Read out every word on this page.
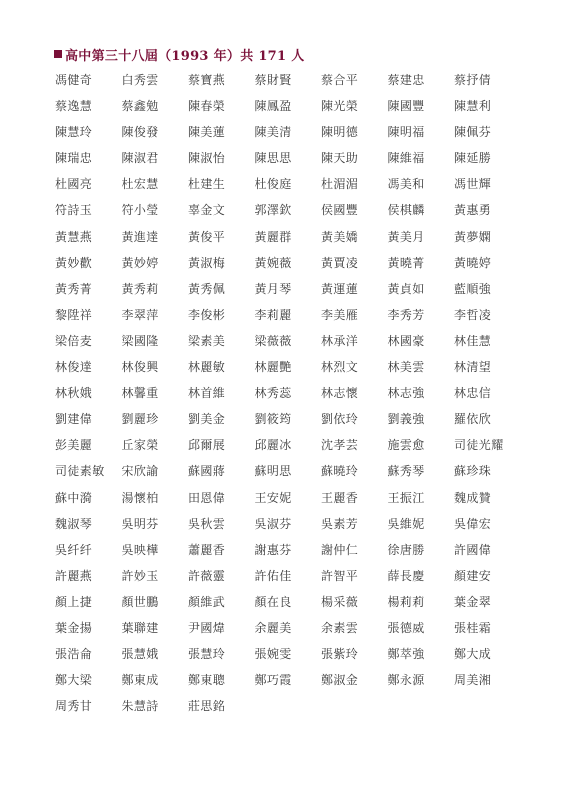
高中第三十八屆（1993 年）共 171 人
馮健奇	白秀雲	蔡寶燕	蔡財賢	蔡合平	蔡建忠	蔡抒倩
蔡逸慧	蔡鑫勉	陳春榮	陳鳳盈	陳光榮	陳國豐	陳慧利
陳慧玲	陳俊發	陳美蓮	陳美清	陳明德	陳明福	陳佩芬
陳瑞忠	陳淑君	陳淑怡	陳思思	陳天助	陳維福	陳延勝
杜國亮	杜宏慧	杜建生	杜俊庭	杜湄湄	馮美和	馮世輝
符詩玉	符小瑩	辜金文	郭澤欽	侯國豐	侯棋麟	黃惠勇
黃慧燕	黃進達	黃俊平	黃麗群	黃美嬌	黃美月	黃夢嫻
黃妙歡	黃妙婷	黃淑梅	黃婉薇	黃賈凌	黃曉菁	黃曉婷
黃秀菁	黃秀莉	黃秀佩	黃月琴	黃運蓮	黃貞如	藍順強
黎陞祥	李翠萍	李俊彬	李莉麗	李美雁	李秀芳	李哲凌
梁倍麦	梁國隆	梁素美	梁薇薇	林承洋	林國豪	林佳慧
林俊達	林俊興	林麗敏	林麗艷	林烈文	林美雲	林清望
林秋娥	林馨重	林首維	林秀蕊	林志懷	林志強	林忠信
劉建偉	劉麗珍	劉美金	劉筱筠	劉依玲	劉義強	羅依欣
彭美麗	丘家榮	邱爾展	邱麗冰	沈孝芸	施雲愈	司徒光耀
司徒素敏	宋欣諭	蘇國蔣	蘇明思	蘇曉玲	蘇秀琴	蘇珍珠
蘇中漪	湯懷柏	田恩偉	王安妮	王麗香	王振江	魏成贊
魏淑琴	吳明芬	吳秋雲	吳淑芬	吳素芳	吳維妮	吳偉宏
吳纤纤	吳映樺	蕭麗香	謝惠芬	謝仲仁	徐唐勝	許國偉
許麗燕	許妙玉	許薇靈	許佑佳	許智平	薛長慶	顏建安
顏上捷	顏世鵬	顏維武	顏在良	楊采薇	楊莉莉	葉金翠
葉金揚	葉聯建	尹國煒	余麗美	余素雲	張德威	張桂霜
張浩侖	張慧娥	張慧玲	張婉雯	張紫玲	鄭萃強	鄭大成
鄭大梁	鄭東成	鄭東聰	鄭巧霞	鄭淑金	鄭永源	周美湘
周秀甘	朱慧詩	莊思銘
